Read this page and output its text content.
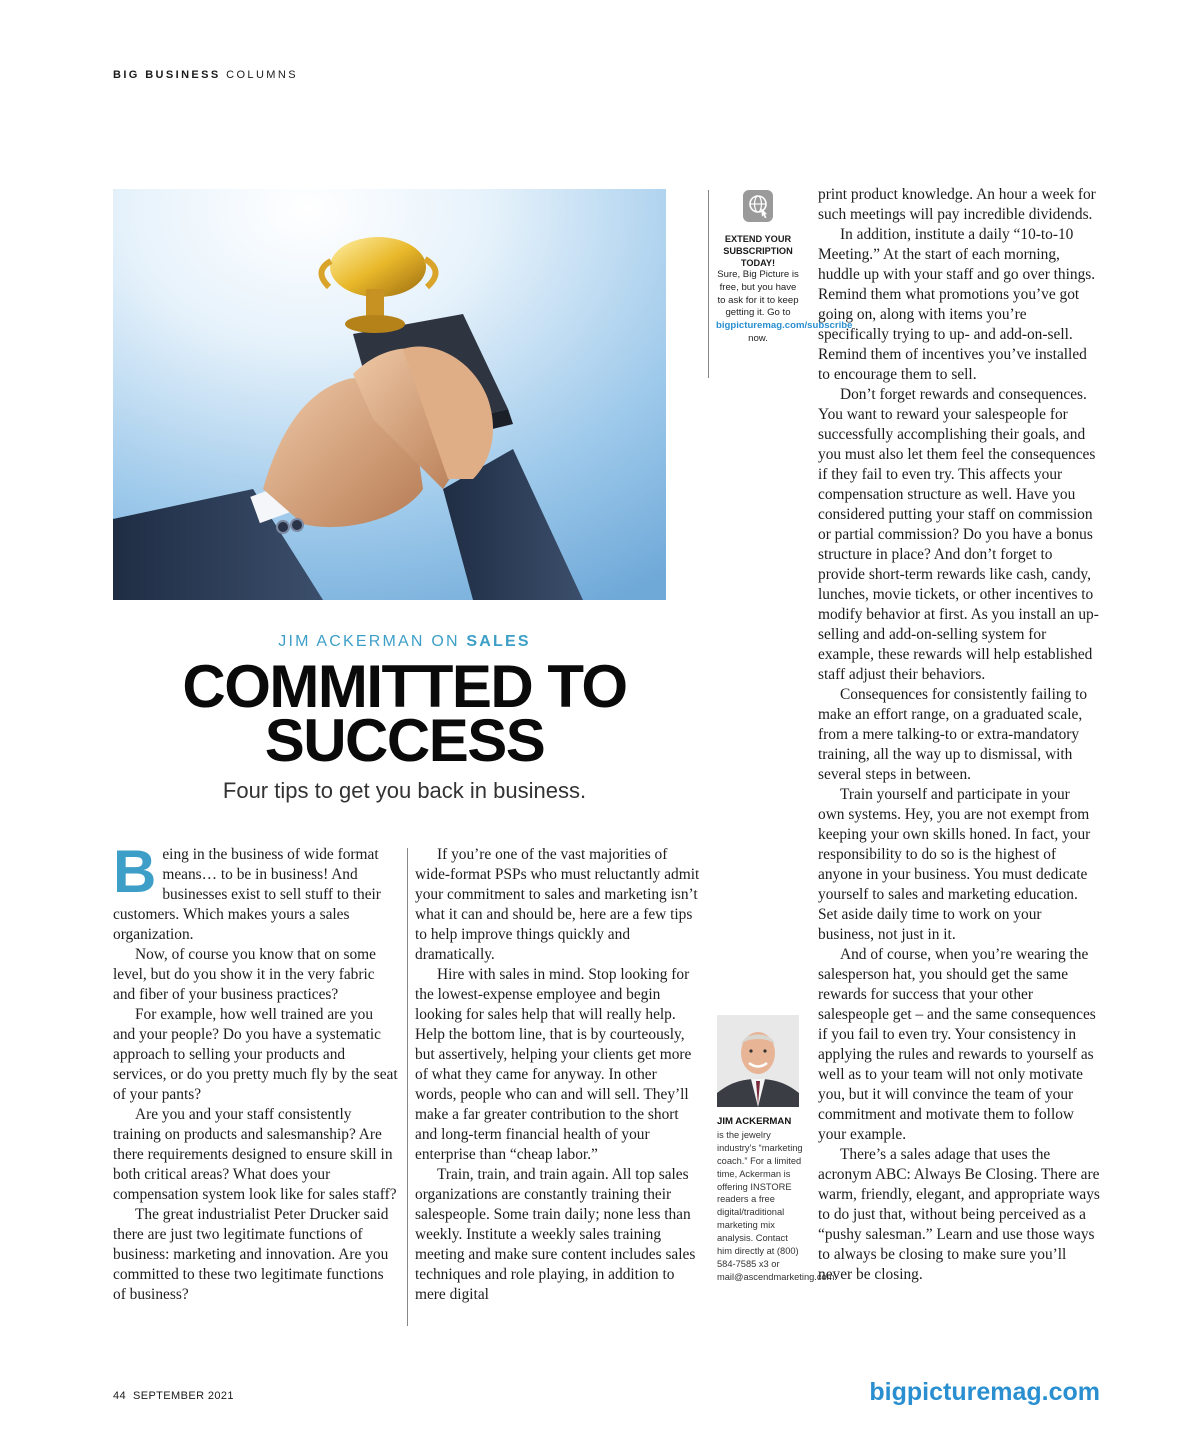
BIG BUSINESS COLUMNS
JIM ACKERMAN ON SALES
COMMITTED TO
SUCCESS
Four tips to get you back in business.
B eing in the business of wide format means… to be in business! And businesses exist to sell stuff to their customers. Which makes yours a sales organization.

Now, of course you know that on some level, but do you show it in the very fabric and fiber of your business practices?

For example, how well trained are you and your people? Do you have a systematic approach to selling your products and services, or do you pretty much fly by the seat of your pants?

Are you and your staff consistently training on products and salesmanship? Are there requirements designed to ensure skill in both critical areas? What does your compensation system look like for sales staff?

The great industrialist Peter Drucker said there are just two legitimate functions of business: marketing and innovation. Are you committed to these two legitimate functions of business?

If you’re one of the vast majorities of wide-format PSPs who must reluctantly admit your commitment to sales and marketing isn’t what it can and should be, here are a few tips to help improve things quickly and dramatically.

Hire with sales in mind. Stop looking for the lowest-expense employee and begin looking for sales help that will really help. Help the bottom line, that is by courteously, but assertively, helping your clients get more of what they came for anyway. In other words, people who can and will sell. They’ll make a far greater contribution to the short and long-term financial health of your enterprise than “cheap labor.”

Train, train, and train again. All top sales organizations are constantly training their salespeople. Some train daily; none less than weekly. Institute a weekly sales training meeting and make sure content includes sales techniques and role playing, in addition to mere digital

EXTEND YOUR SUBSCRIPTION TODAY!
Sure, Big Picture is free, but you have to ask for it to keep getting it. Go to bigpicturemag.com/subscribe now.
JIM ACKERMAN
is the jewelry industry’s “marketing coach.” For a limited time, Ackerman is offering INSTORE readers a free digital/traditional marketing mix analysis. Contact him directly at (800) 584-7585 x3 or mail@ascendmarketing.com.

print product knowledge. An hour a week for such meetings will pay incredible dividends.

In addition, institute a daily “10-to-10 Meeting.” At the start of each morning, huddle up with your staff and go over things. Remind them what promotions you’ve got going on, along with items you’re specifically trying to up- and add-on-sell. Remind them of incentives you’ve installed to encourage them to sell.

Don’t forget rewards and consequences. You want to reward your salespeople for successfully accomplishing their goals, and you must also let them feel the consequences if they fail to even try. This affects your compensation structure as well. Have you considered putting your staff on commission or partial commission? Do you have a bonus structure in place? And don’t forget to provide short-term rewards like cash, candy, lunches, movie tickets, or other incentives to modify behavior at first. As you install an up-selling and add-on-selling system for example, these rewards will help established staff adjust their behaviors.

Consequences for consistently failing to make an effort range, on a graduated scale, from a mere talking-to or extra-mandatory training, all the way up to dismissal, with several steps in between.

Train yourself and participate in your own systems. Hey, you are not exempt from keeping your own skills honed. In fact, your responsibility to do so is the highest of anyone in your business. You must dedicate yourself to sales and marketing education. Set aside daily time to work on your business, not just in it.

And of course, when you’re wearing the salesperson hat, you should get the same rewards for success that your other salespeople get – and the same consequences if you fail to even try. Your consistency in applying the rules and rewards to yourself as well as to your team will not only motivate you, but it will convince the team of your commitment and motivate them to follow your example.

There’s a sales adage that uses the acronym ABC: Always Be Closing. There are warm, friendly, elegant, and appropriate ways to do just that, without being perceived as a “pushy salesman.” Learn and use those ways to always be closing to make sure you’ll never be closing.

44 SEPTEMBER 2021	bigpicturemag.com
